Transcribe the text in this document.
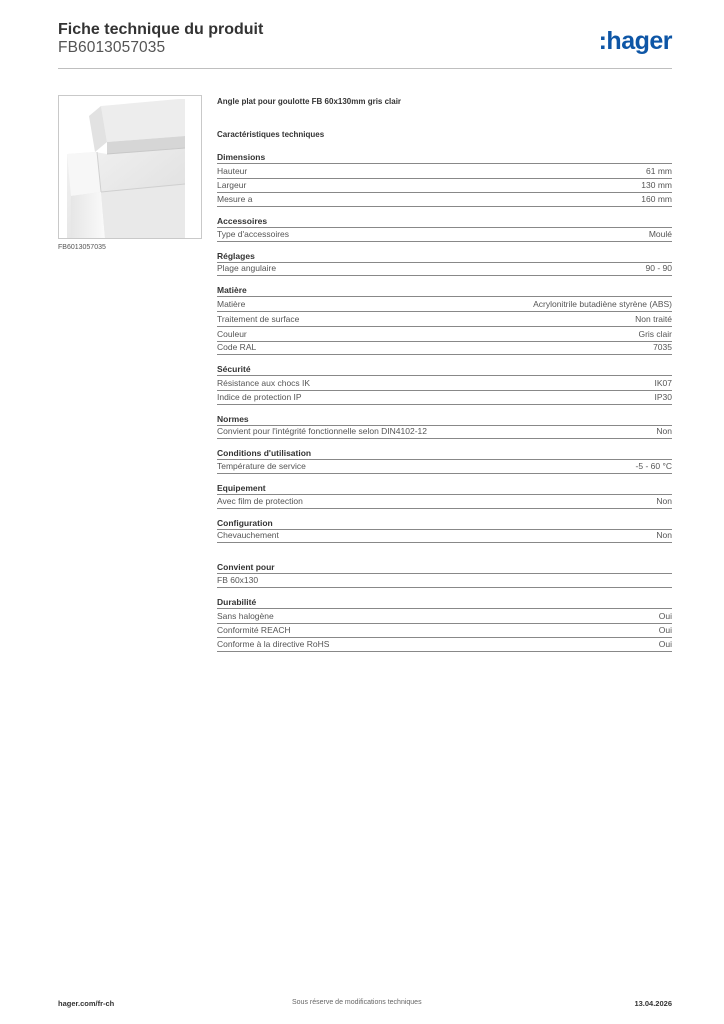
Fiche technique du produit
FB6013057035	:hager
FB6013057035
Angle plat pour goulotte FB 60x130mm gris clair
Caractéristiques techniques
Dimensions
Hauteur	61 mm
Largeur	130 mm
Mesure a	160 mm
Accessoires
Type d'accessoires	Moulé
Réglages
Plage angulaire	90 - 90
Matière
Matière	Acrylonitrile butadiène styrène (ABS)
Traitement de surface	Non traité
Couleur	Gris clair
Code RAL	7035
Sécurité
Résistance aux chocs IK	IK07
Indice de protection IP	IP30
Normes
Convient pour l'intégrité fonctionnelle selon DIN4102-12	Non
Conditions d'utilisation
Température de service	-5 - 60 °C
Equipement
Avec film de protection	Non
Configuration
Chevauchement	Non
Convient pour
FB 60x130
Durabilité
Sans halogène	Oui
Conformité REACH	Oui
Conforme à la directive RoHS	Oui
hager.com/fr-ch	Sous réserve de modifications techniques	13.04.2026
